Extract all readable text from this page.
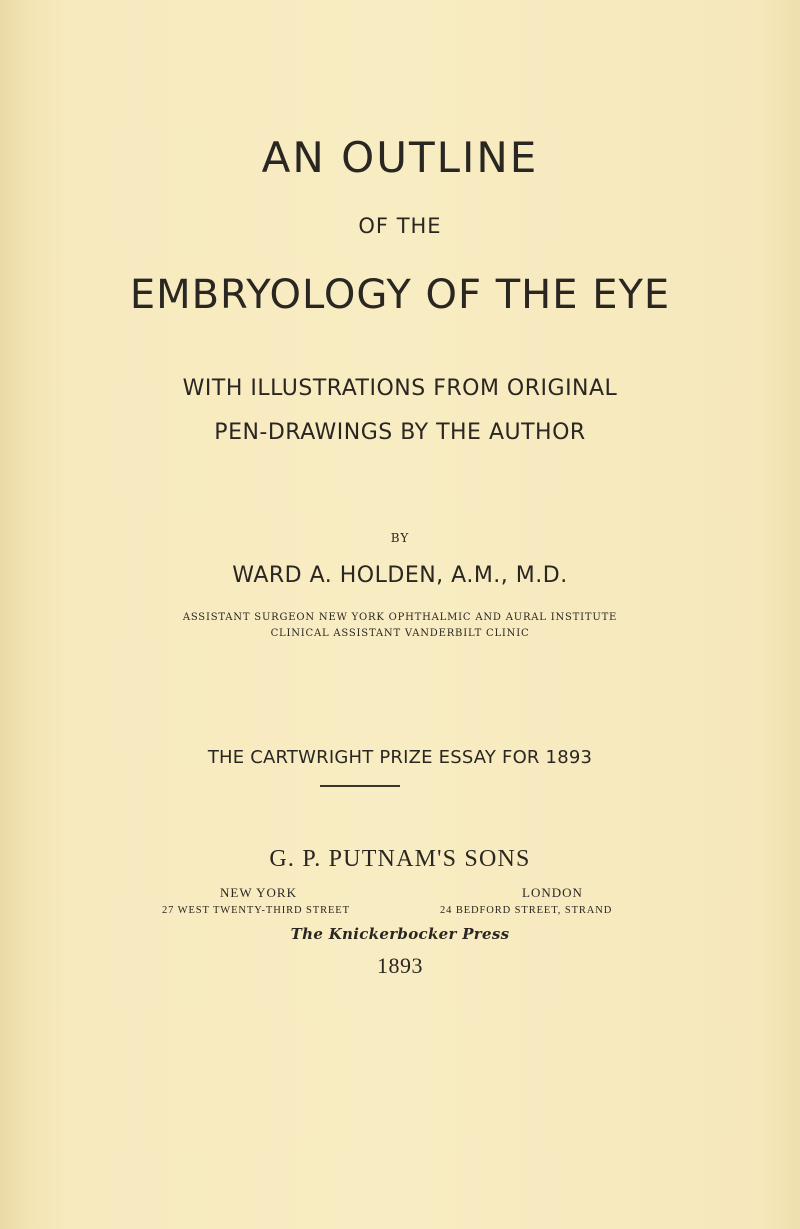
AN OUTLINE
OF THE
EMBRYOLOGY OF THE EYE
WITH ILLUSTRATIONS FROM ORIGINAL
PEN-DRAWINGS BY THE AUTHOR
BY
WARD A. HOLDEN, A.M., M.D.
ASSISTANT SURGEON NEW YORK OPHTHALMIC AND AURAL INSTITUTE
CLINICAL ASSISTANT VANDERBILT CLINIC
THE CARTWRIGHT PRIZE ESSAY FOR 1893
G. P. PUTNAM'S SONS
NEW YORK	LONDON
27 WEST TWENTY-THIRD STREET	24 BEDFORD STREET, STRAND
The Knickerbocker Press
1893
